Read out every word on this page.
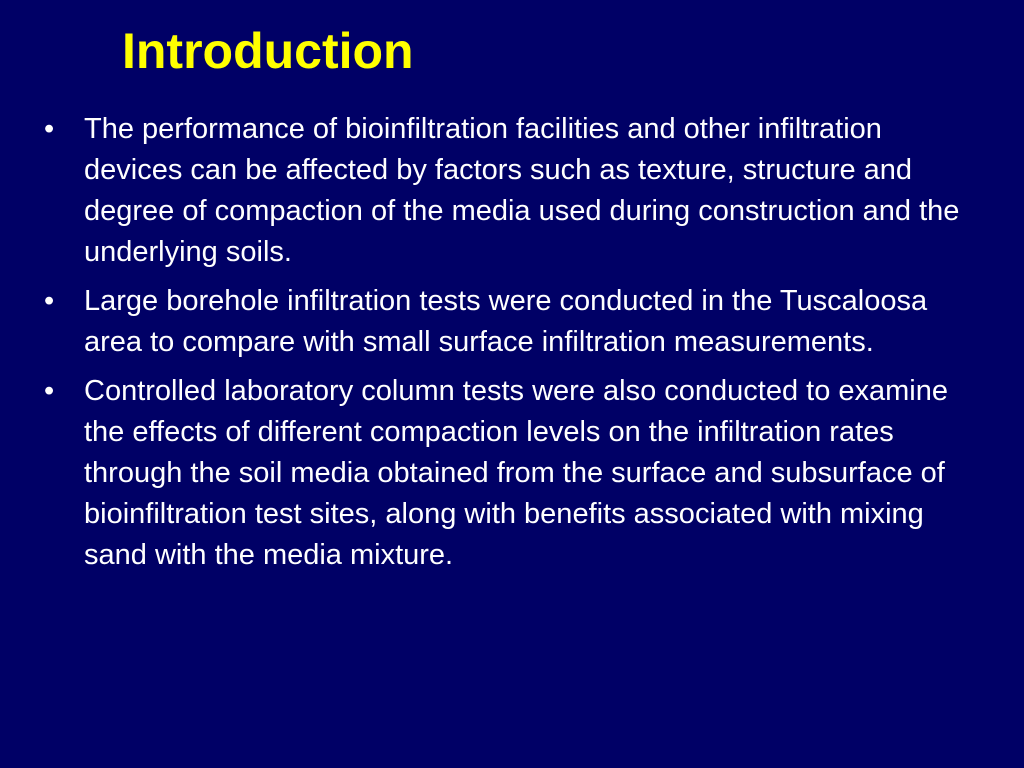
Introduction
• The performance of bioinfiltration facilities and other infiltration devices can be affected by factors such as texture, structure and degree of compaction of the media used during construction and the underlying soils.
• Large borehole infiltration tests were conducted in the Tuscaloosa area to compare with small surface infiltration measurements.
• Controlled laboratory column tests were also conducted to examine the effects of different compaction levels on the infiltration rates through the soil media obtained from the surface and subsurface of bioinfiltration test sites, along with benefits associated with mixing sand with the media mixture.
